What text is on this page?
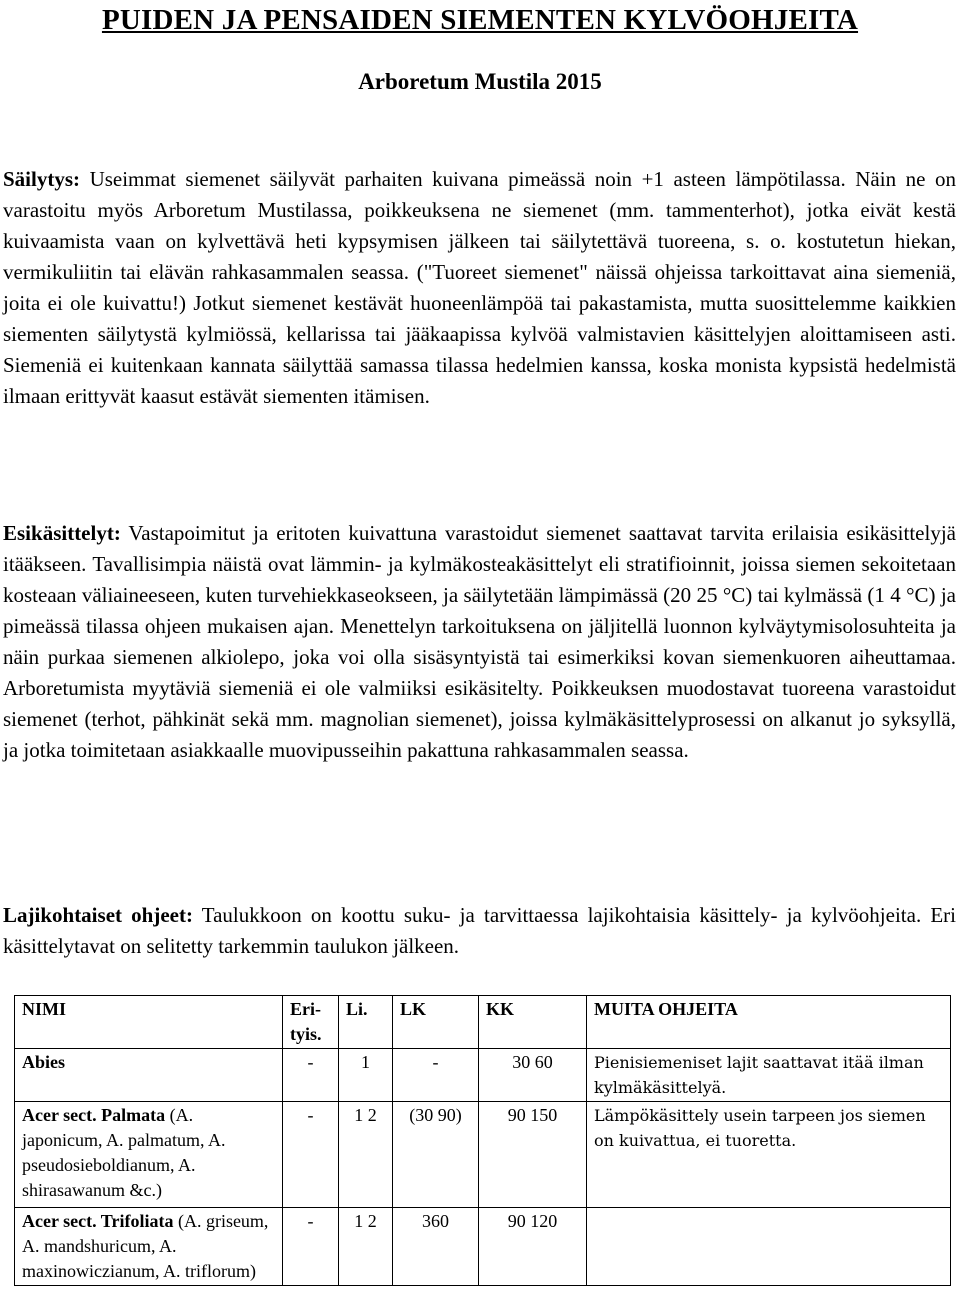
PUIDEN JA PENSAIDEN SIEMENTEN KYLVÖOHJEITA
Arboretum Mustila 2015

Säilytys: Useimmat siemenet säilyvät parhaiten kuivana pimeässä noin +1 asteen lämpötilassa. Näin ne on varastoitu myös Arboretum Mustilassa, poikkeuksena ne siemenet (mm. tammenterhot), jotka eivät kestä kuivaamista vaan on kylvettävä heti kypsymisen jälkeen tai säilytettävä tuoreena, s. o. kostutetun hiekan, vermikuliitin tai elävän rahkasammalen seassa. ("Tuoreet siemenet" näissä ohjeissa tarkoittavat aina siemeniä, joita ei ole kuivattu!) Jotkut siemenet kestävät huoneenlämpöä tai pakastamista, mutta suosittelemme kaikkien siementen säilytystä kylmiössä, kellarissa tai jääkaapissa kylvöä valmistavien käsittelyjen aloittamiseen asti. Siemeniä ei kuitenkaan kannata säilyttää samassa tilassa hedelmien kanssa, koska monista kypsistä hedelmistä ilmaan erittyvät kaasut estävät siementen itämisen.

Esikäsittelyt: Vastapoimitut ja eritoten kuivattuna varastoidut siemenet saattavat tarvita erilaisia esikäsittelyjä itääkseen. Tavallisimpia näistä ovat lämmin- ja kylmäkosteakäsittelyt eli stratifioinnit, joissa siemen sekoitetaan kosteaan väliaineeseen, kuten turvehiekkaseokseen, ja säilytetään lämpimässä (20 25 °C) tai kylmässä (1 4 °C) ja pimeässä tilassa ohjeen mukaisen ajan. Menettelyn tarkoituksena on jäljitellä luonnon kylväytymisolosuhteita ja näin purkaa siemenen alkiolepo, joka voi olla sisäsyntyistä tai esimerkiksi kovan siemenkuoren aiheuttamaa. Arboretumista myytäviä siemeniä ei ole valmiiksi esikäsitelty. Poikkeuksen muodostavat tuoreena varastoidut siemenet (terhot, pähkinät sekä mm. magnolian siemenet), joissa kylmäkäsittelyprosessi on alkanut jo syksyllä, ja jotka toimitetaan asiakkaalle muovipusseihin pakattuna rahkasammalen seassa.

Lajikohtaiset ohjeet: Taulukkoon on koottu suku- ja tarvittaessa lajikohtaisia käsittely- ja kylvöohjeita. Eri käsittelytavat on selitetty tarkemmin taulukon jälkeen.

NIMI	Eri- tyis.	Li.	LK	KK	MUITA OHJEITA
Abies	-	1	-	30 60	Pienisiemeniset lajit saattavat itää ilman kylmäkäsittelyä.
Acer sect. Palmata (A. japonicum, A. palmatum, A. pseudosieboldianum, A. shirasawanum &c.)	-	1 2	(30 90)	90 150	Lämpökäsittely usein tarpeen jos siemen on kuivattua, ei tuoretta.
Acer sect. Trifoliata (A. griseum, A. mandshuricum, A. maxinowiczianum, A. triflorum)	-	1 2	360	90 120	
